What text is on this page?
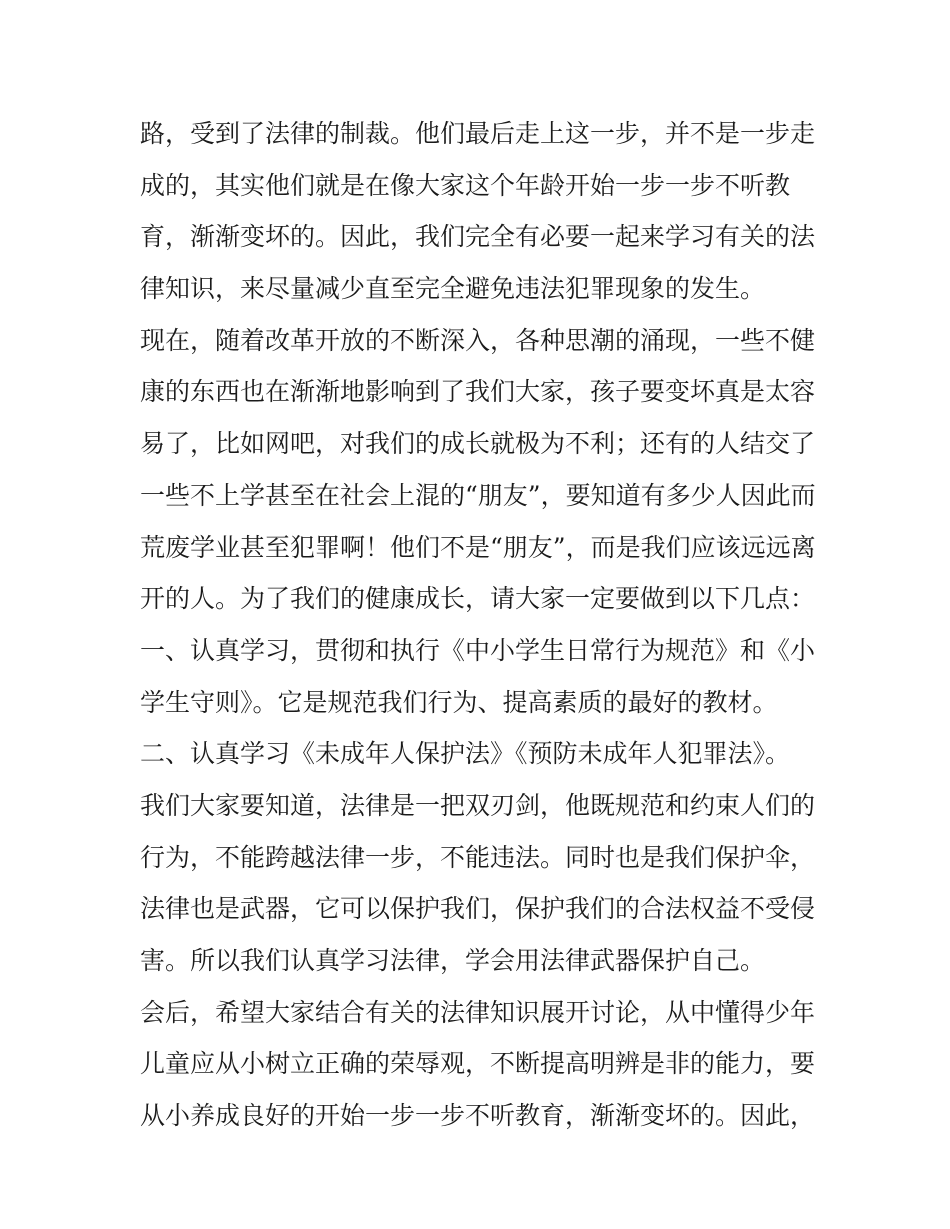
路，受到了法律的制裁。他们最后走上这一步，并不是一步走
成的，其实他们就是在像大家这个年龄开始一步一步不听教
育，渐渐变坏的。因此，我们完全有必要一起来学习有关的法
律知识，来尽量减少直至完全避免违法犯罪现象的发生。
现在，随着改革开放的不断深入，各种思潮的涌现，一些不健
康的东西也在渐渐地影响到了我们大家，孩子要变坏真是太容
易了，比如网吧，对我们的成长就极为不利；还有的人结交了
一些不上学甚至在社会上混的“朋友”，要知道有多少人因此而
荒废学业甚至犯罪啊！他们不是“朋友”，而是我们应该远远离
开的人。为了我们的健康成长，请大家一定要做到以下几点：
一、认真学习，贯彻和执行《中小学生日常行为规范》和《小
学生守则》。它是规范我们行为、提高素质的最好的教材。
二、认真学习《未成年人保护法》《预防未成年人犯罪法》。
我们大家要知道，法律是一把双刃剑，他既规范和约束人们的
行为，不能跨越法律一步，不能违法。同时也是我们保护伞，
法律也是武器，它可以保护我们，保护我们的合法权益不受侵
害。所以我们认真学习法律，学会用法律武器保护自己。
会后，希望大家结合有关的法律知识展开讨论，从中懂得少年
儿童应从小树立正确的荣辱观，不断提高明辨是非的能力，要
从小养成良好的开始一步一步不听教育，渐渐变坏的。因此，
